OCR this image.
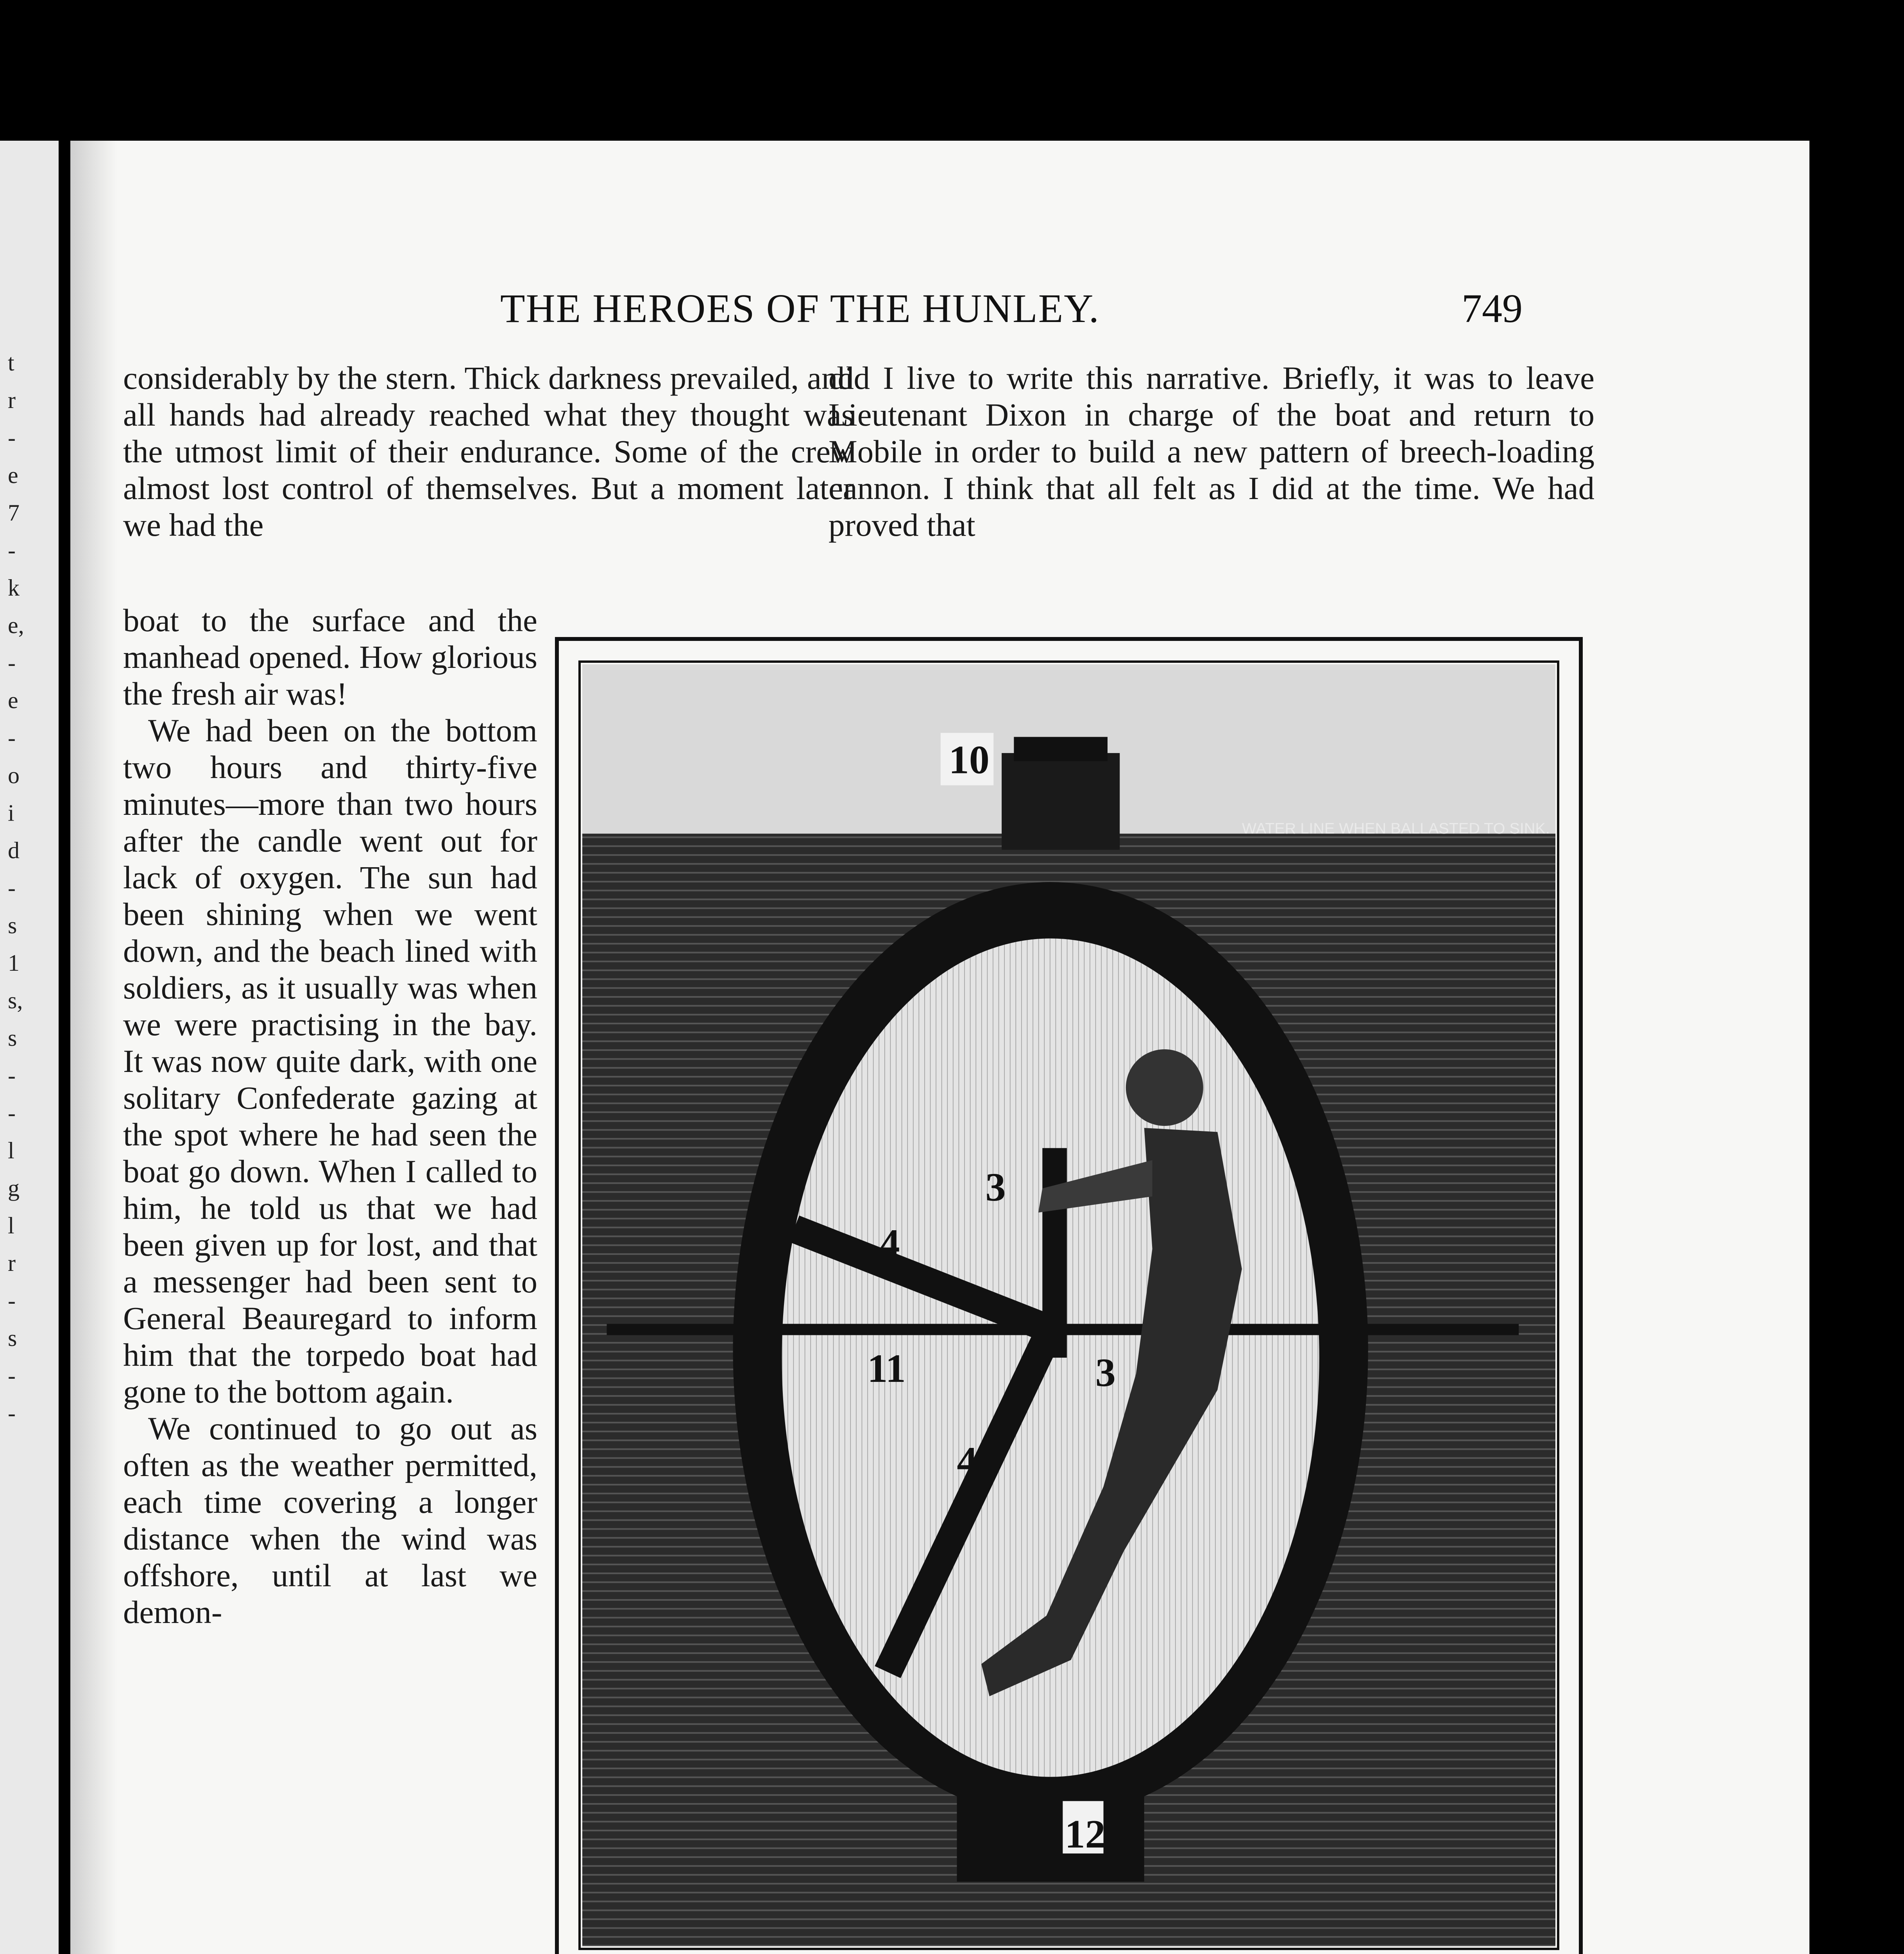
t
r
-
e
7
-
k
e,
-
e
-
o
i
d
-
s
1
s,
s
-
-
l
g
l
r
-
s
-
-
THE HEROES OF THE HUNLEY.	749

considerably by the stern. Thick darkness prevailed, and all hands had already reached what they thought was the utmost limit of their endurance. Some of the crew almost lost control of themselves. But a moment later we had the

did I live to write this narrative. Briefly, it was to leave Lieutenant Dixon in charge of the boat and return to Mobile in order to build a new pattern of breech-loading cannon. I think that all felt as I did at the time. We had proved that

boat to the surface and the manhead opened. How glorious the fresh air was!

We had been on the bottom two hours and thirty-five minutes—more than two hours after the candle went out for lack of oxygen. The sun had been shining when we went down, and the beach lined with soldiers, as it usually was when we were practising in the bay. It was now quite dark, with one solitary Confederate gazing at the spot where he had seen the boat go down. When I called to him, he told us that we had been given up for lost, and that a messenger had been sent to General Beauregard to inform him that the torpedo boat had gone to the bottom again.

We continued to go out as often as the weather permitted, each time covering a longer distance when the wind was offshore, until at last we demon-

WATER LINE WHEN BALLASTED TO SINK.
10
3
4
11	3
4
12
